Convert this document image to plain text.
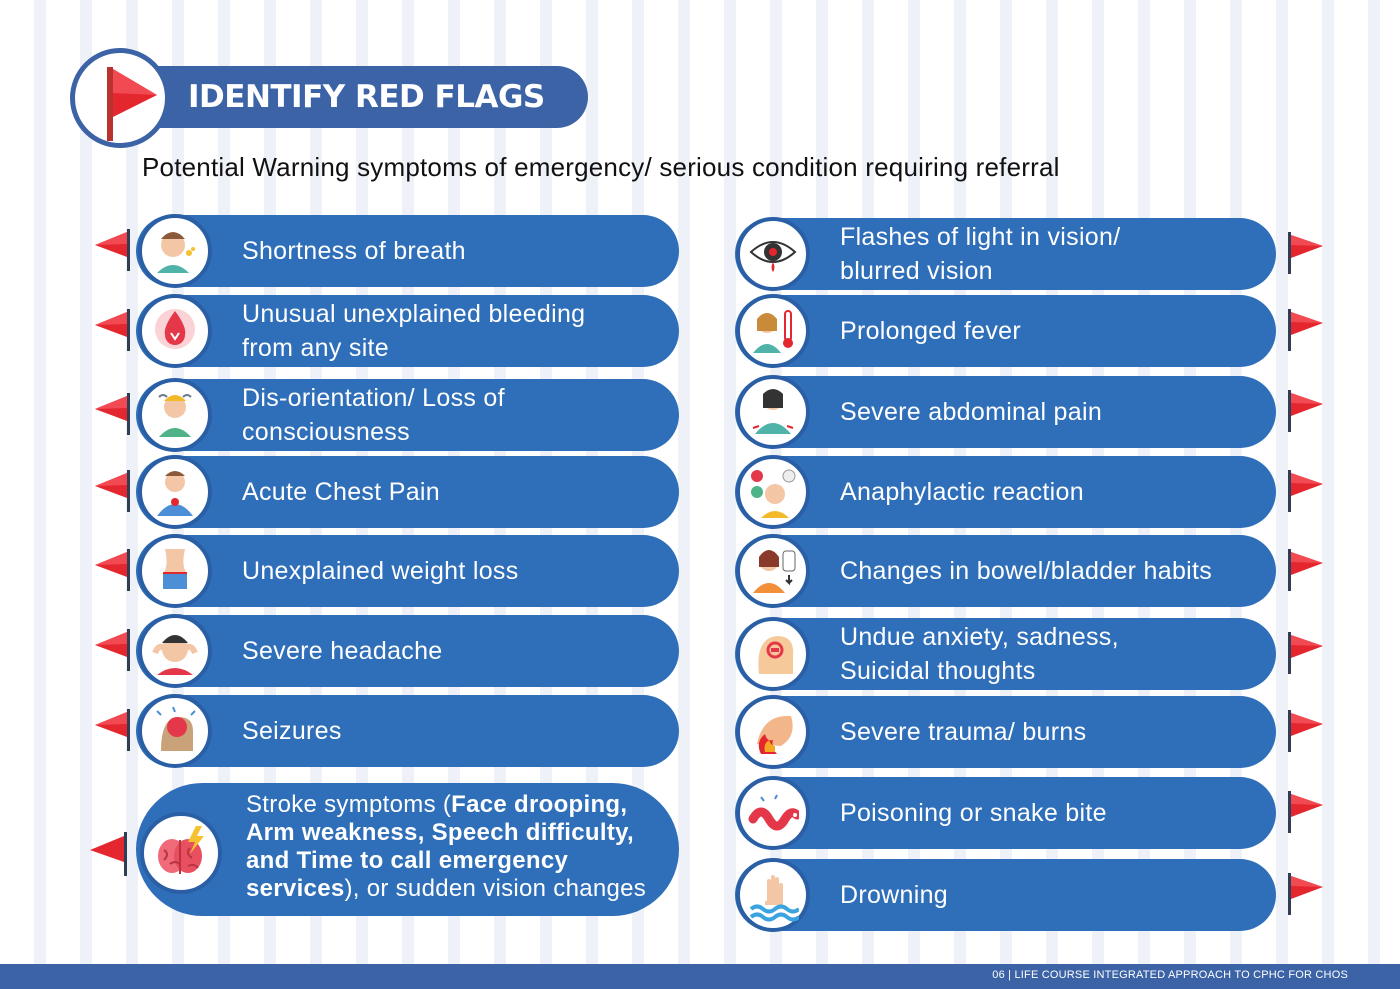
IDENTIFY RED FLAGS
Potential Warning symptoms of emergency/ serious condition requiring referral
Shortness of breath
Unusual unexplained bleeding
from any site
Dis-orientation/ Loss of
consciousness
Acute Chest Pain
Unexplained weight loss
Severe headache
Seizures
Stroke symptoms (Face drooping, Arm weakness, Speech difficulty, and Time to call emergency services), or sudden vision changes
Flashes of light in vision/
blurred vision
Prolonged fever
Severe abdominal pain
Anaphylactic reaction
Changes in bowel/bladder habits
Undue anxiety, sadness,
Suicidal thoughts
Severe trauma/ burns
Poisoning or snake bite
Drowning
06 | LIFE COURSE INTEGRATED APPROACH TO CPHC FOR CHOS
